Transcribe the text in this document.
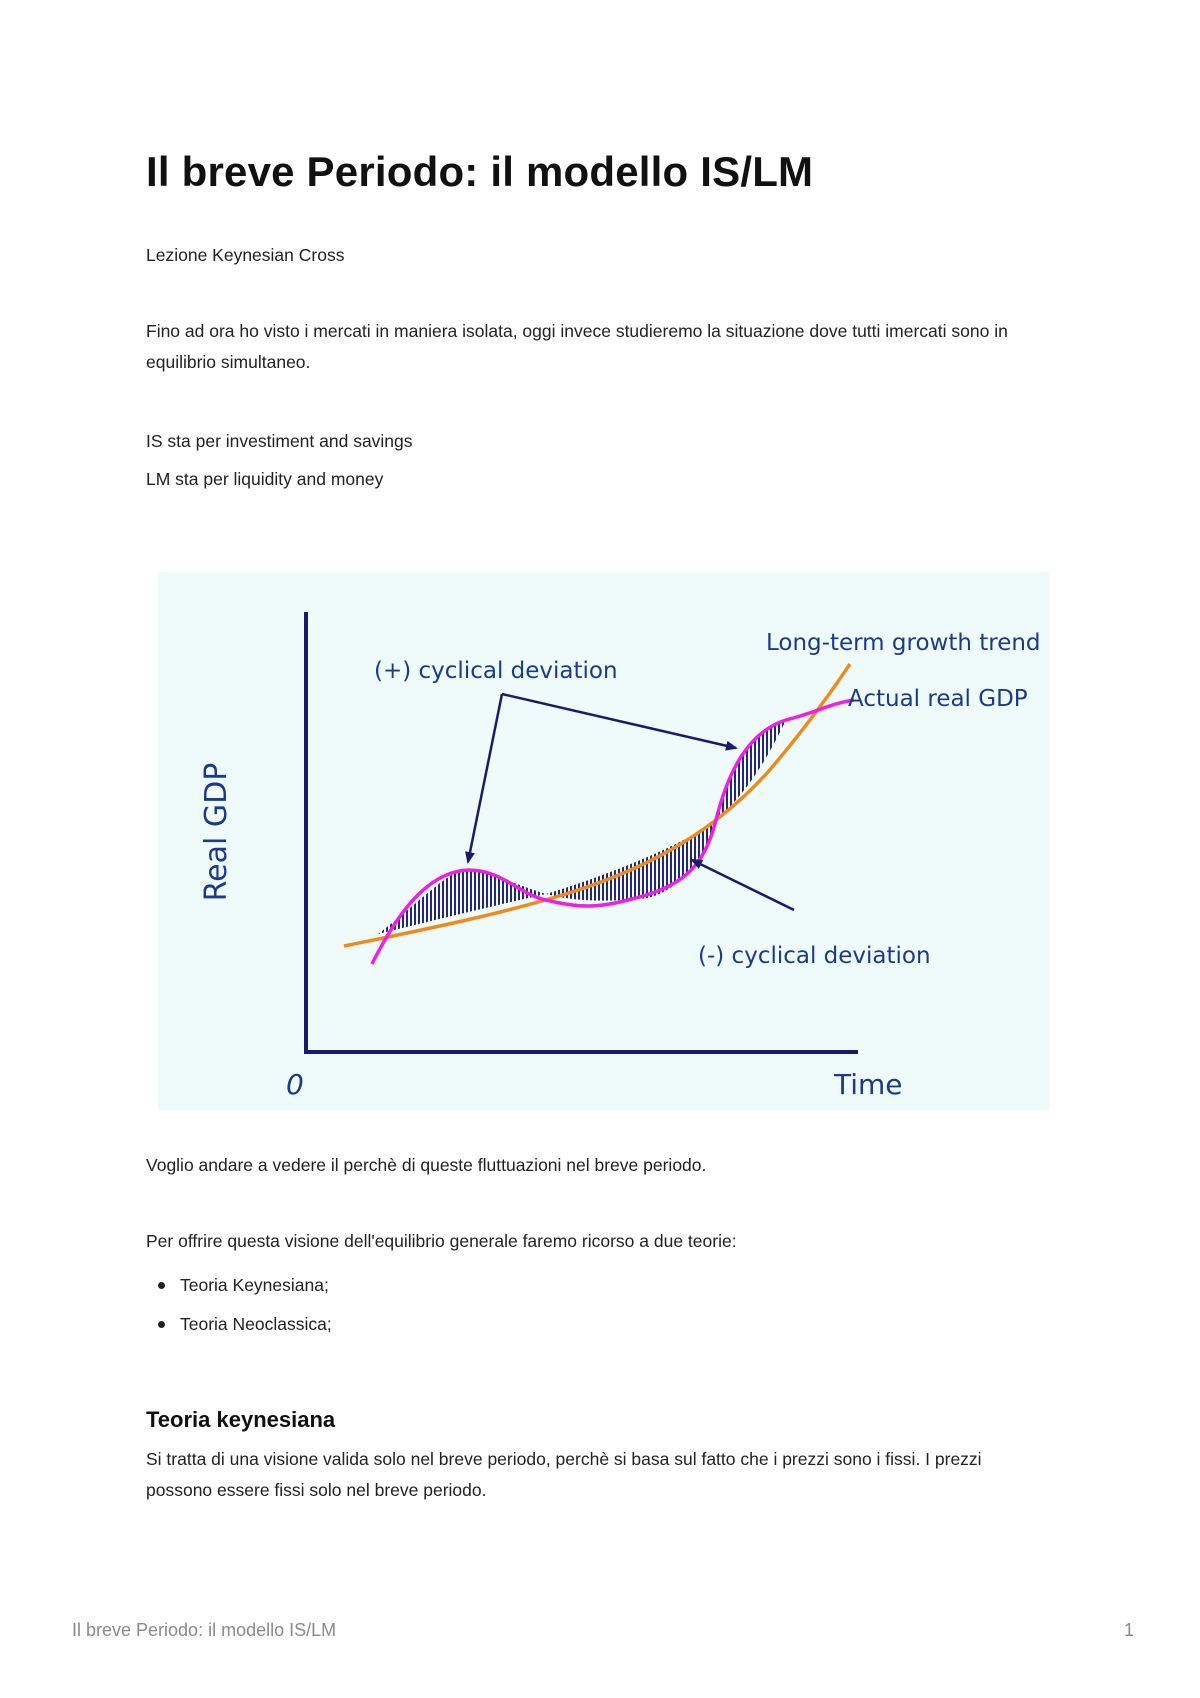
Il breve Periodo: il modello IS/LM

Lezione Keynesian Cross

Fino ad ora ho visto i mercati in maniera isolata, oggi invece studieremo la situazione dove tutti imercati sono in equilibrio simultaneo.

IS sta per investiment and savings

LM sta per liquidity and money

Real GDP
Time
0
Long-term growth trend
Actual real GDP
(+) cyclical deviation
(-) cyclical deviation

Voglio andare a vedere il perchè di queste fluttuazioni nel breve periodo.

Per offrire questa visione dell'equilibrio generale faremo ricorso a due teorie:

Teoria Keynesiana;
Teoria Neoclassica;
Teoria keynesiana

Si tratta di una visione valida solo nel breve periodo, perchè si basa sul fatto che i prezzi sono i fissi. I prezzi possono essere fissi solo nel breve periodo.

Il breve Periodo: il modello IS/LM	1
